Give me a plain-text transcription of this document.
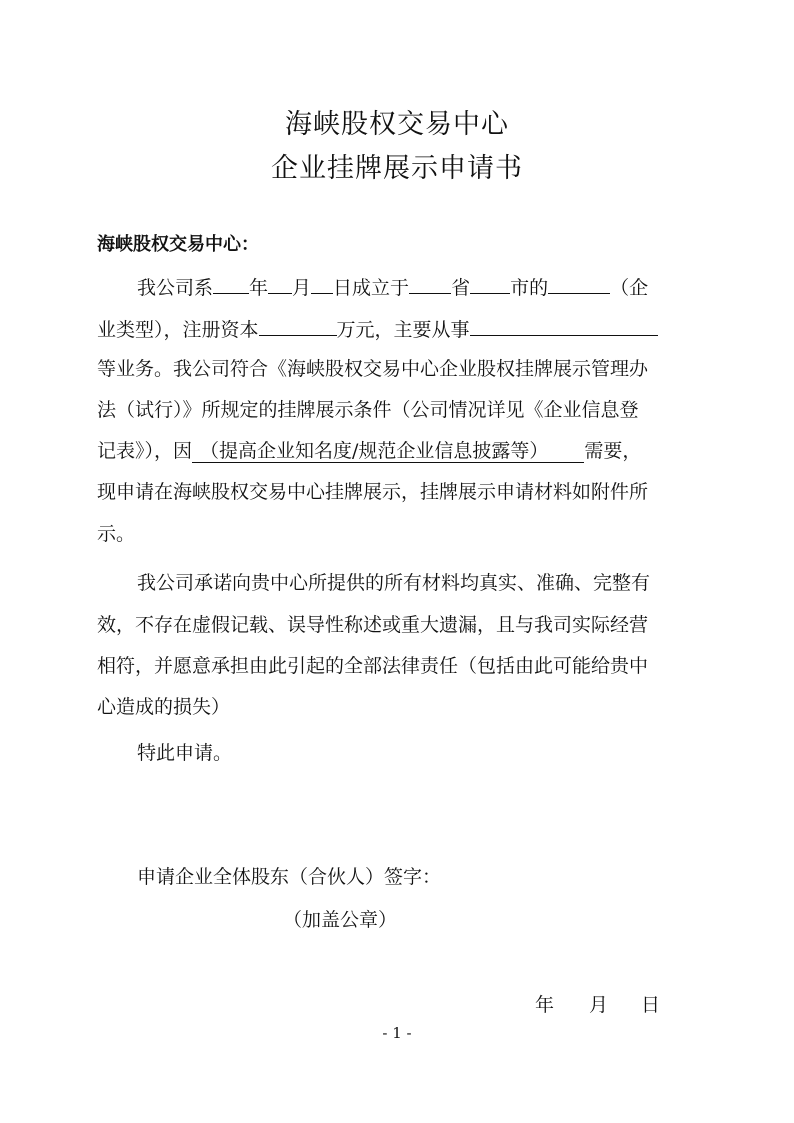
海峡股权交易中心
企业挂牌展示申请书
海峡股权交易中心：
我公司系 年 月 日成立于 省 市的	（企
业类型），注册资本	万元，主要从事
等业务。我公司符合《海峡股权交易中心企业股权挂牌展示管理办
法（试行）》所规定的挂牌展示条件（公司情况详见《企业信息登
记表》），因 （提高企业知名度/规范企业信息披露等） 需要，
现申请在海峡股权交易中心挂牌展示，挂牌展示申请材料如附件所
示。
我公司承诺向贵中心所提供的所有材料均真实、准确、完整有
效，不存在虚假记载、误导性称述或重大遗漏，且与我司实际经营
相符，并愿意承担由此引起的全部法律责任（包括由此可能给贵中
心造成的损失）
特此申请。
申请企业全体股东（合伙人）签字：
（加盖公章）
年 月 日
- 1 -
